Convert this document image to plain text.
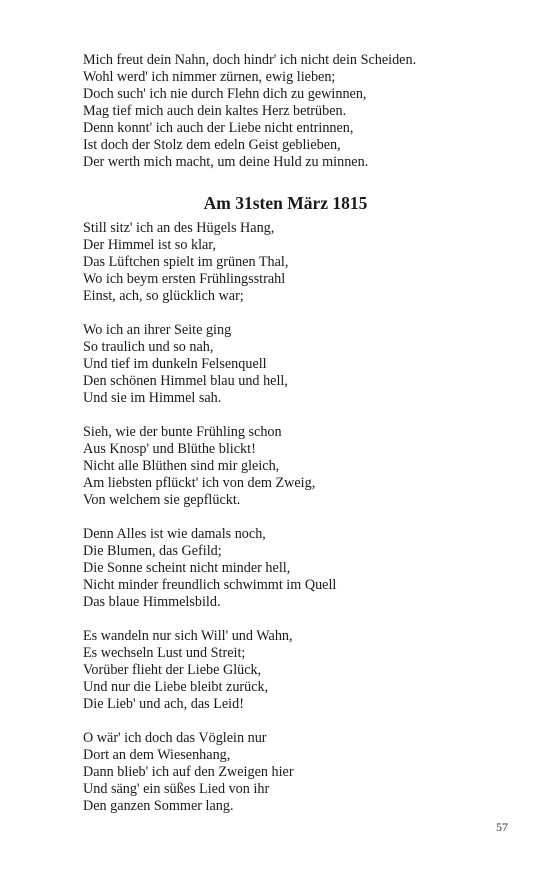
Mich freut dein Nahn, doch hindr' ich nicht dein Scheiden.
Wohl werd' ich nimmer zürnen, ewig lieben;
Doch such' ich nie durch Flehn dich zu gewinnen,
Mag tief mich auch dein kaltes Herz betrüben.
Denn konnt' ich auch der Liebe nicht entrinnen,
Ist doch der Stolz dem edeln Geist geblieben,
Der werth mich macht, um deine Huld zu minnen.
Am 31sten März 1815
Still sitz' ich an des Hügels Hang,
Der Himmel ist so klar,
Das Lüftchen spielt im grünen Thal,
Wo ich beym ersten Frühlingsstrahl
Einst, ach, so glücklich war;
Wo ich an ihrer Seite ging
So traulich und so nah,
Und tief im dunkeln Felsenquell
Den schönen Himmel blau und hell,
Und sie im Himmel sah.
Sieh, wie der bunte Frühling schon
Aus Knosp' und Blüthe blickt!
Nicht alle Blüthen sind mir gleich,
Am liebsten pflückt' ich von dem Zweig,
Von welchem sie gepflückt.
Denn Alles ist wie damals noch,
Die Blumen, das Gefild;
Die Sonne scheint nicht minder hell,
Nicht minder freundlich schwimmt im Quell
Das blaue Himmelsbild.
Es wandeln nur sich Will' und Wahn,
Es wechseln Lust und Streit;
Vorüber flieht der Liebe Glück,
Und nur die Liebe bleibt zurück,
Die Lieb' und ach, das Leid!
O wär' ich doch das Vöglein nur
Dort an dem Wiesenhang,
Dann blieb' ich auf den Zweigen hier
Und säng' ein süßes Lied von ihr
Den ganzen Sommer lang.
57
